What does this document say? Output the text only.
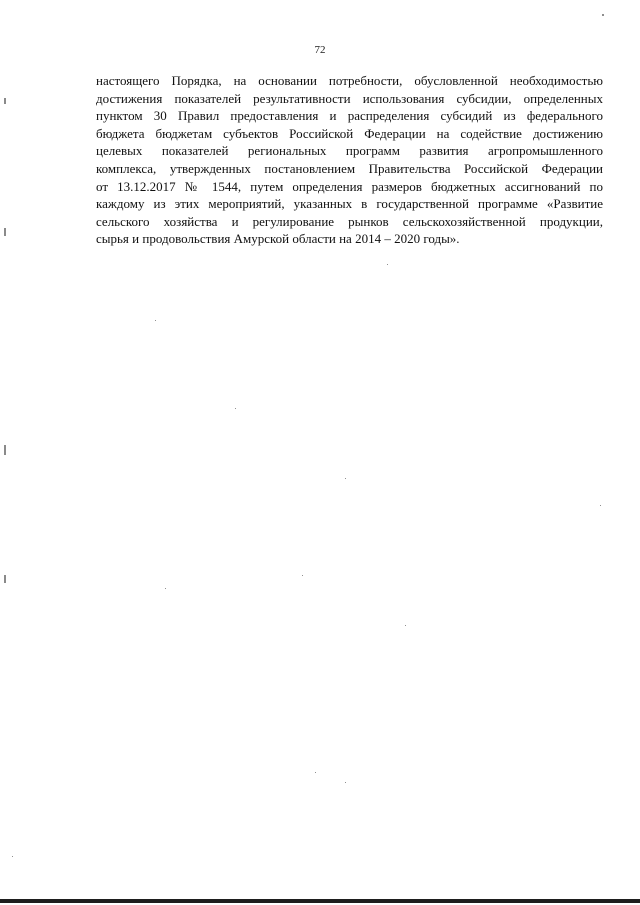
72
настоящего Порядка, на основании потребности, обусловленной необходимостью
достижения показателей результативности использования субсидии, определенных
пунктом 30 Правил предоставления и распределения субсидий из федерального
бюджета бюджетам субъектов Российской Федерации на содействие достижению
целевых показателей региональных программ развития агропромышленного
комплекса, утвержденных постановлением Правительства Российской Федерации
от 13.12.2017 № 1544, путем определения размеров бюджетных ассигнований по
каждому из этих мероприятий, указанных в государственной программе «Развитие
сельского хозяйства и регулирование рынков сельскохозяйственной продукции,
сырья и продовольствия Амурской области на 2014 – 2020 годы».
